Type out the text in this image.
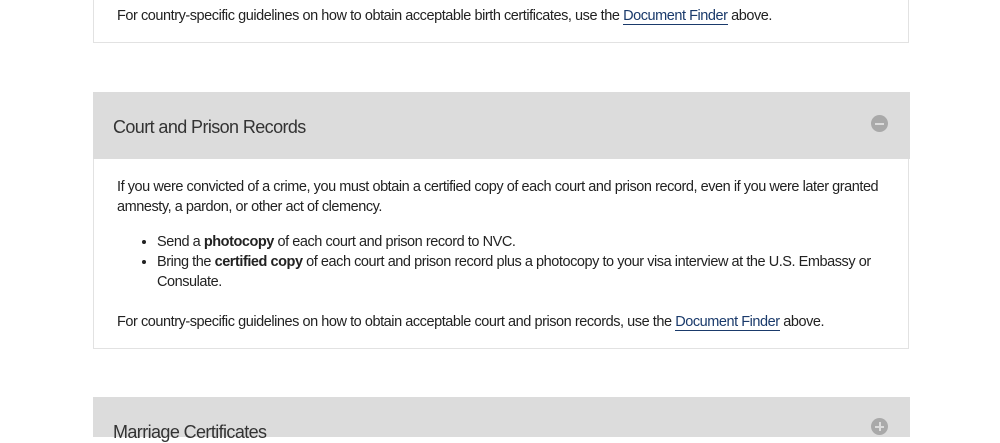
For country-specific guidelines on how to obtain acceptable birth certificates, use the Document Finder above.

Court and Prison Records

If you were convicted of a crime, you must obtain a certified copy of each court and prison record, even if you were later granted amnesty, a pardon, or other act of clemency.

• Send a photocopy of each court and prison record to NVC.
• Bring the certified copy of each court and prison record plus a photocopy to your visa interview at the U.S. Embassy or Consulate.

For country-specific guidelines on how to obtain acceptable court and prison records, use the Document Finder above.

Marriage Certificates
